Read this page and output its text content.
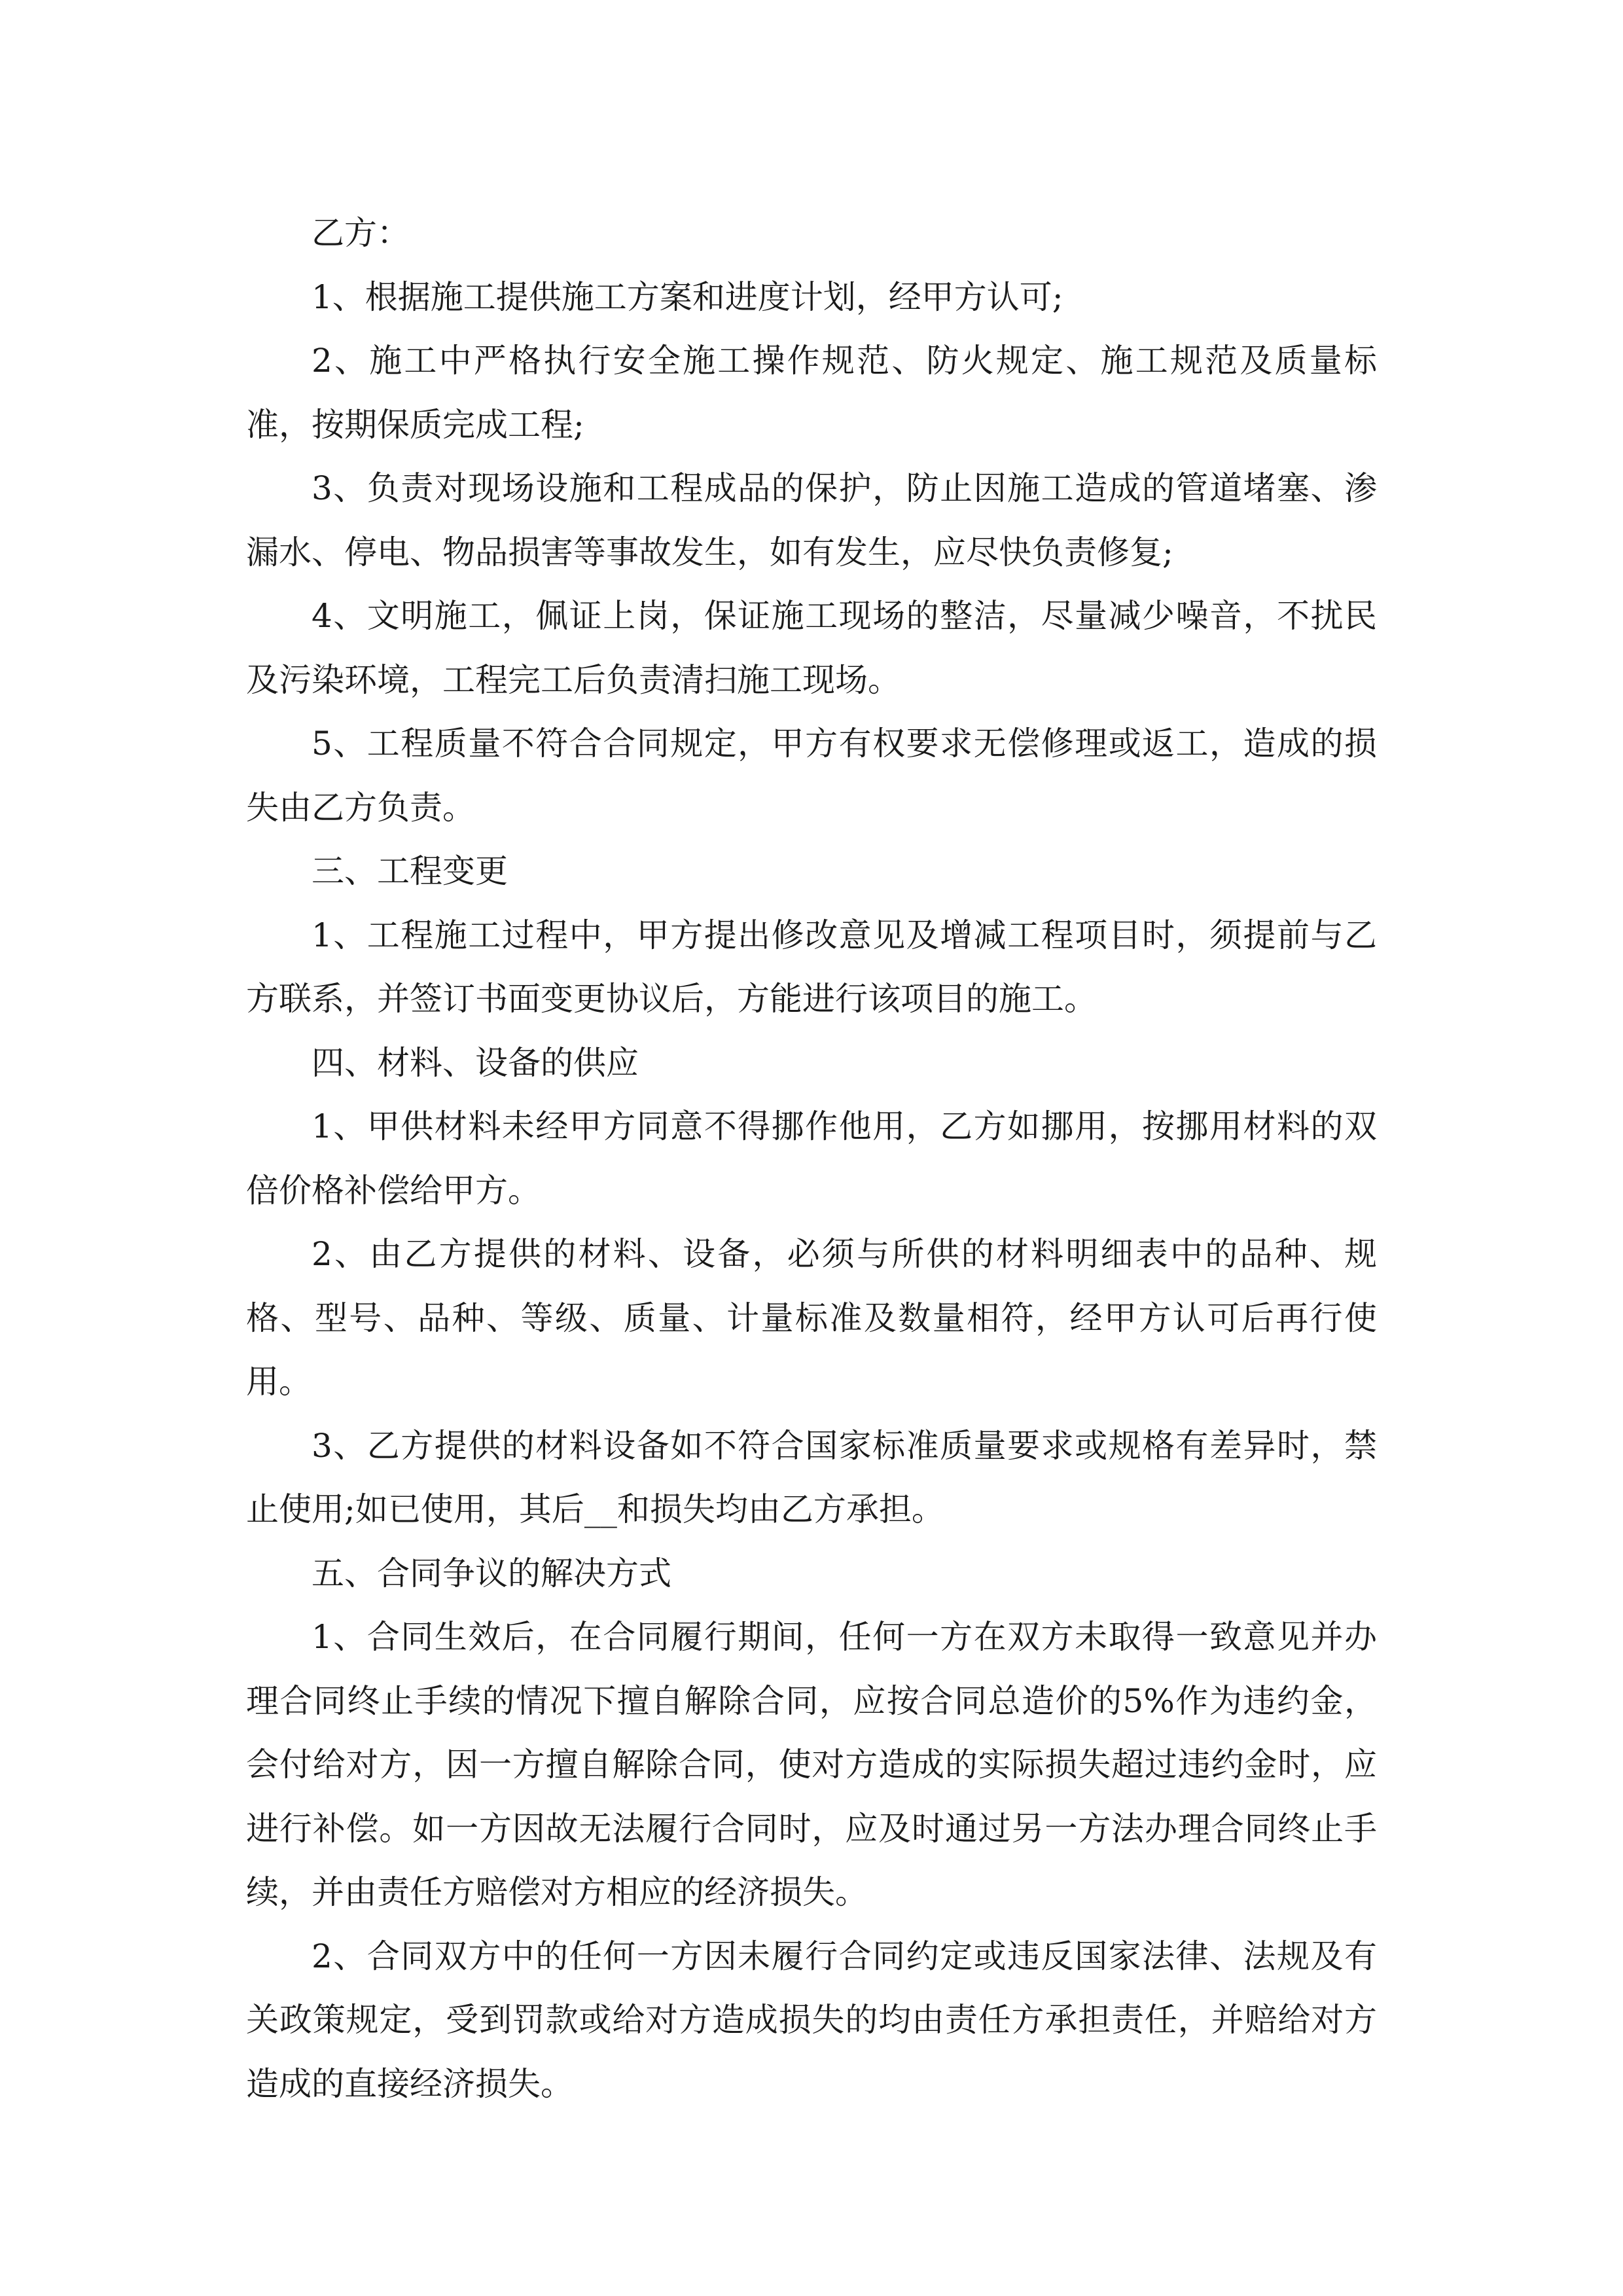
乙方：

1、根据施工提供施工方案和进度计划，经甲方认可;

2、施工中严格执行安全施工操作规范、防火规定、施工规范及质量标准，按期保质完成工程;

3、负责对现场设施和工程成品的保护，防止因施工造成的管道堵塞、渗漏水、停电、物品损害等事故发生，如有发生，应尽快负责修复;

4、文明施工，佩证上岗，保证施工现场的整洁，尽量减少噪音，不扰民及污染环境，工程完工后负责清扫施工现场。

5、工程质量不符合合同规定，甲方有权要求无偿修理或返工，造成的损失由乙方负责。

三、工程变更

1、工程施工过程中，甲方提出修改意见及增减工程项目时，须提前与乙方联系，并签订书面变更协议后，方能进行该项目的施工。

四、材料、设备的供应

1、甲供材料未经甲方同意不得挪作他用，乙方如挪用，按挪用材料的双倍价格补偿给甲方。

2、由乙方提供的材料、设备，必须与所供的材料明细表中的品种、规格、型号、品种、等级、质量、计量标准及数量相符，经甲方认可后再行使用。

3、乙方提供的材料设备如不符合国家标准质量要求或规格有差异时，禁止使用;如已使用，其后__和损失均由乙方承担。

五、合同争议的解决方式

1、合同生效后，在合同履行期间，任何一方在双方未取得一致意见并办理合同终止手续的情况下擅自解除合同，应按合同总造价的5%作为违约金，会付给对方，因一方擅自解除合同，使对方造成的实际损失超过违约金时，应进行补偿。如一方因故无法履行合同时，应及时通过另一方法办理合同终止手续，并由责任方赔偿对方相应的经济损失。

2、合同双方中的任何一方因未履行合同约定或违反国家法律、法规及有关政策规定，受到罚款或给对方造成损失的均由责任方承担责任，并赔给对方造成的直接经济损失。
